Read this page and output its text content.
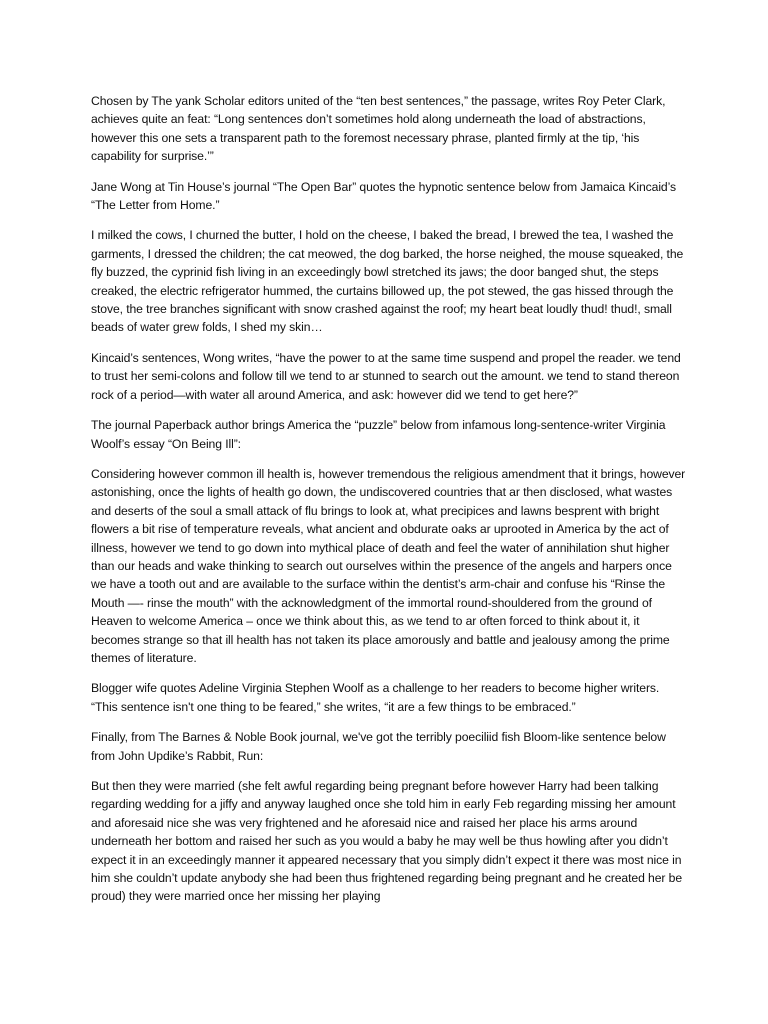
Chosen by The yank Scholar editors united of the “ten best sentences,” the passage, writes Roy Peter Clark, achieves quite an feat: “Long sentences don’t sometimes hold along underneath the load of abstractions, however this one sets a transparent path to the foremost necessary phrase, planted firmly at the tip, ‘his capability for surprise.’”

Jane Wong at Tin House’s journal “The Open Bar” quotes the hypnotic sentence below from Jamaica Kincaid’s “The Letter from Home.”

I milked the cows, I churned the butter, I hold on the cheese, I baked the bread, I brewed the tea, I washed the garments, I dressed the children; the cat meowed, the dog barked, the horse neighed, the mouse squeaked, the fly buzzed, the cyprinid fish living in an exceedingly bowl stretched its jaws; the door banged shut, the steps creaked, the electric refrigerator hummed, the curtains billowed up, the pot stewed, the gas hissed through the stove, the tree branches significant with snow crashed against the roof; my heart beat loudly thud! thud!, small beads of water grew folds, I shed my skin…

Kincaid’s sentences, Wong writes, “have the power to at the same time suspend and propel the reader. we tend to trust her semi-colons and follow till we tend to ar stunned to search out the amount. we tend to stand thereon rock of a period—with water all around America, and ask: however did we tend to get here?”

The journal Paperback author brings America the “puzzle” below from infamous long-sentence-writer Virginia Woolf’s essay “On Being Ill”:

Considering however common ill health is, however tremendous the religious amendment that it brings, however astonishing, once the lights of health go down, the undiscovered countries that ar then disclosed, what wastes and deserts of the soul a small attack of flu brings to look at, what precipices and lawns besprent with bright flowers a bit rise of temperature reveals, what ancient and obdurate oaks ar uprooted in America by the act of illness, however we tend to go down into mythical place of death and feel the water of annihilation shut higher than our heads and wake thinking to search out ourselves within the presence of the angels and harpers once we have a tooth out and are available to the surface within the dentist’s arm-chair and confuse his “Rinse the Mouth —- rinse the mouth” with the acknowledgment of the immortal round-shouldered from the ground of Heaven to welcome America – once we think about this, as we tend to ar often forced to think about it, it becomes strange so that ill health has not taken its place amorously and battle and jealousy among the prime themes of literature.

Blogger wife quotes Adeline Virginia Stephen Woolf as a challenge to her readers to become higher writers. “This sentence isn't one thing to be feared,” she writes, “it are a few things to be embraced.”

Finally, from The Barnes & Noble Book journal, we've got the terribly poeciliid fish Bloom-like sentence below from John Updike’s Rabbit, Run:

But then they were married (she felt awful regarding being pregnant before however Harry had been talking regarding wedding for a jiffy and anyway laughed once she told him in early Feb regarding missing her amount and aforesaid nice she was very frightened and he aforesaid nice and raised her place his arms around underneath her bottom and raised her such as you would a baby he may well be thus howling after you didn’t expect it in an exceedingly manner it appeared necessary that you simply didn’t expect it there was most nice in him she couldn’t update anybody she had been thus frightened regarding being pregnant and he created her be proud) they were married once her missing her playing
